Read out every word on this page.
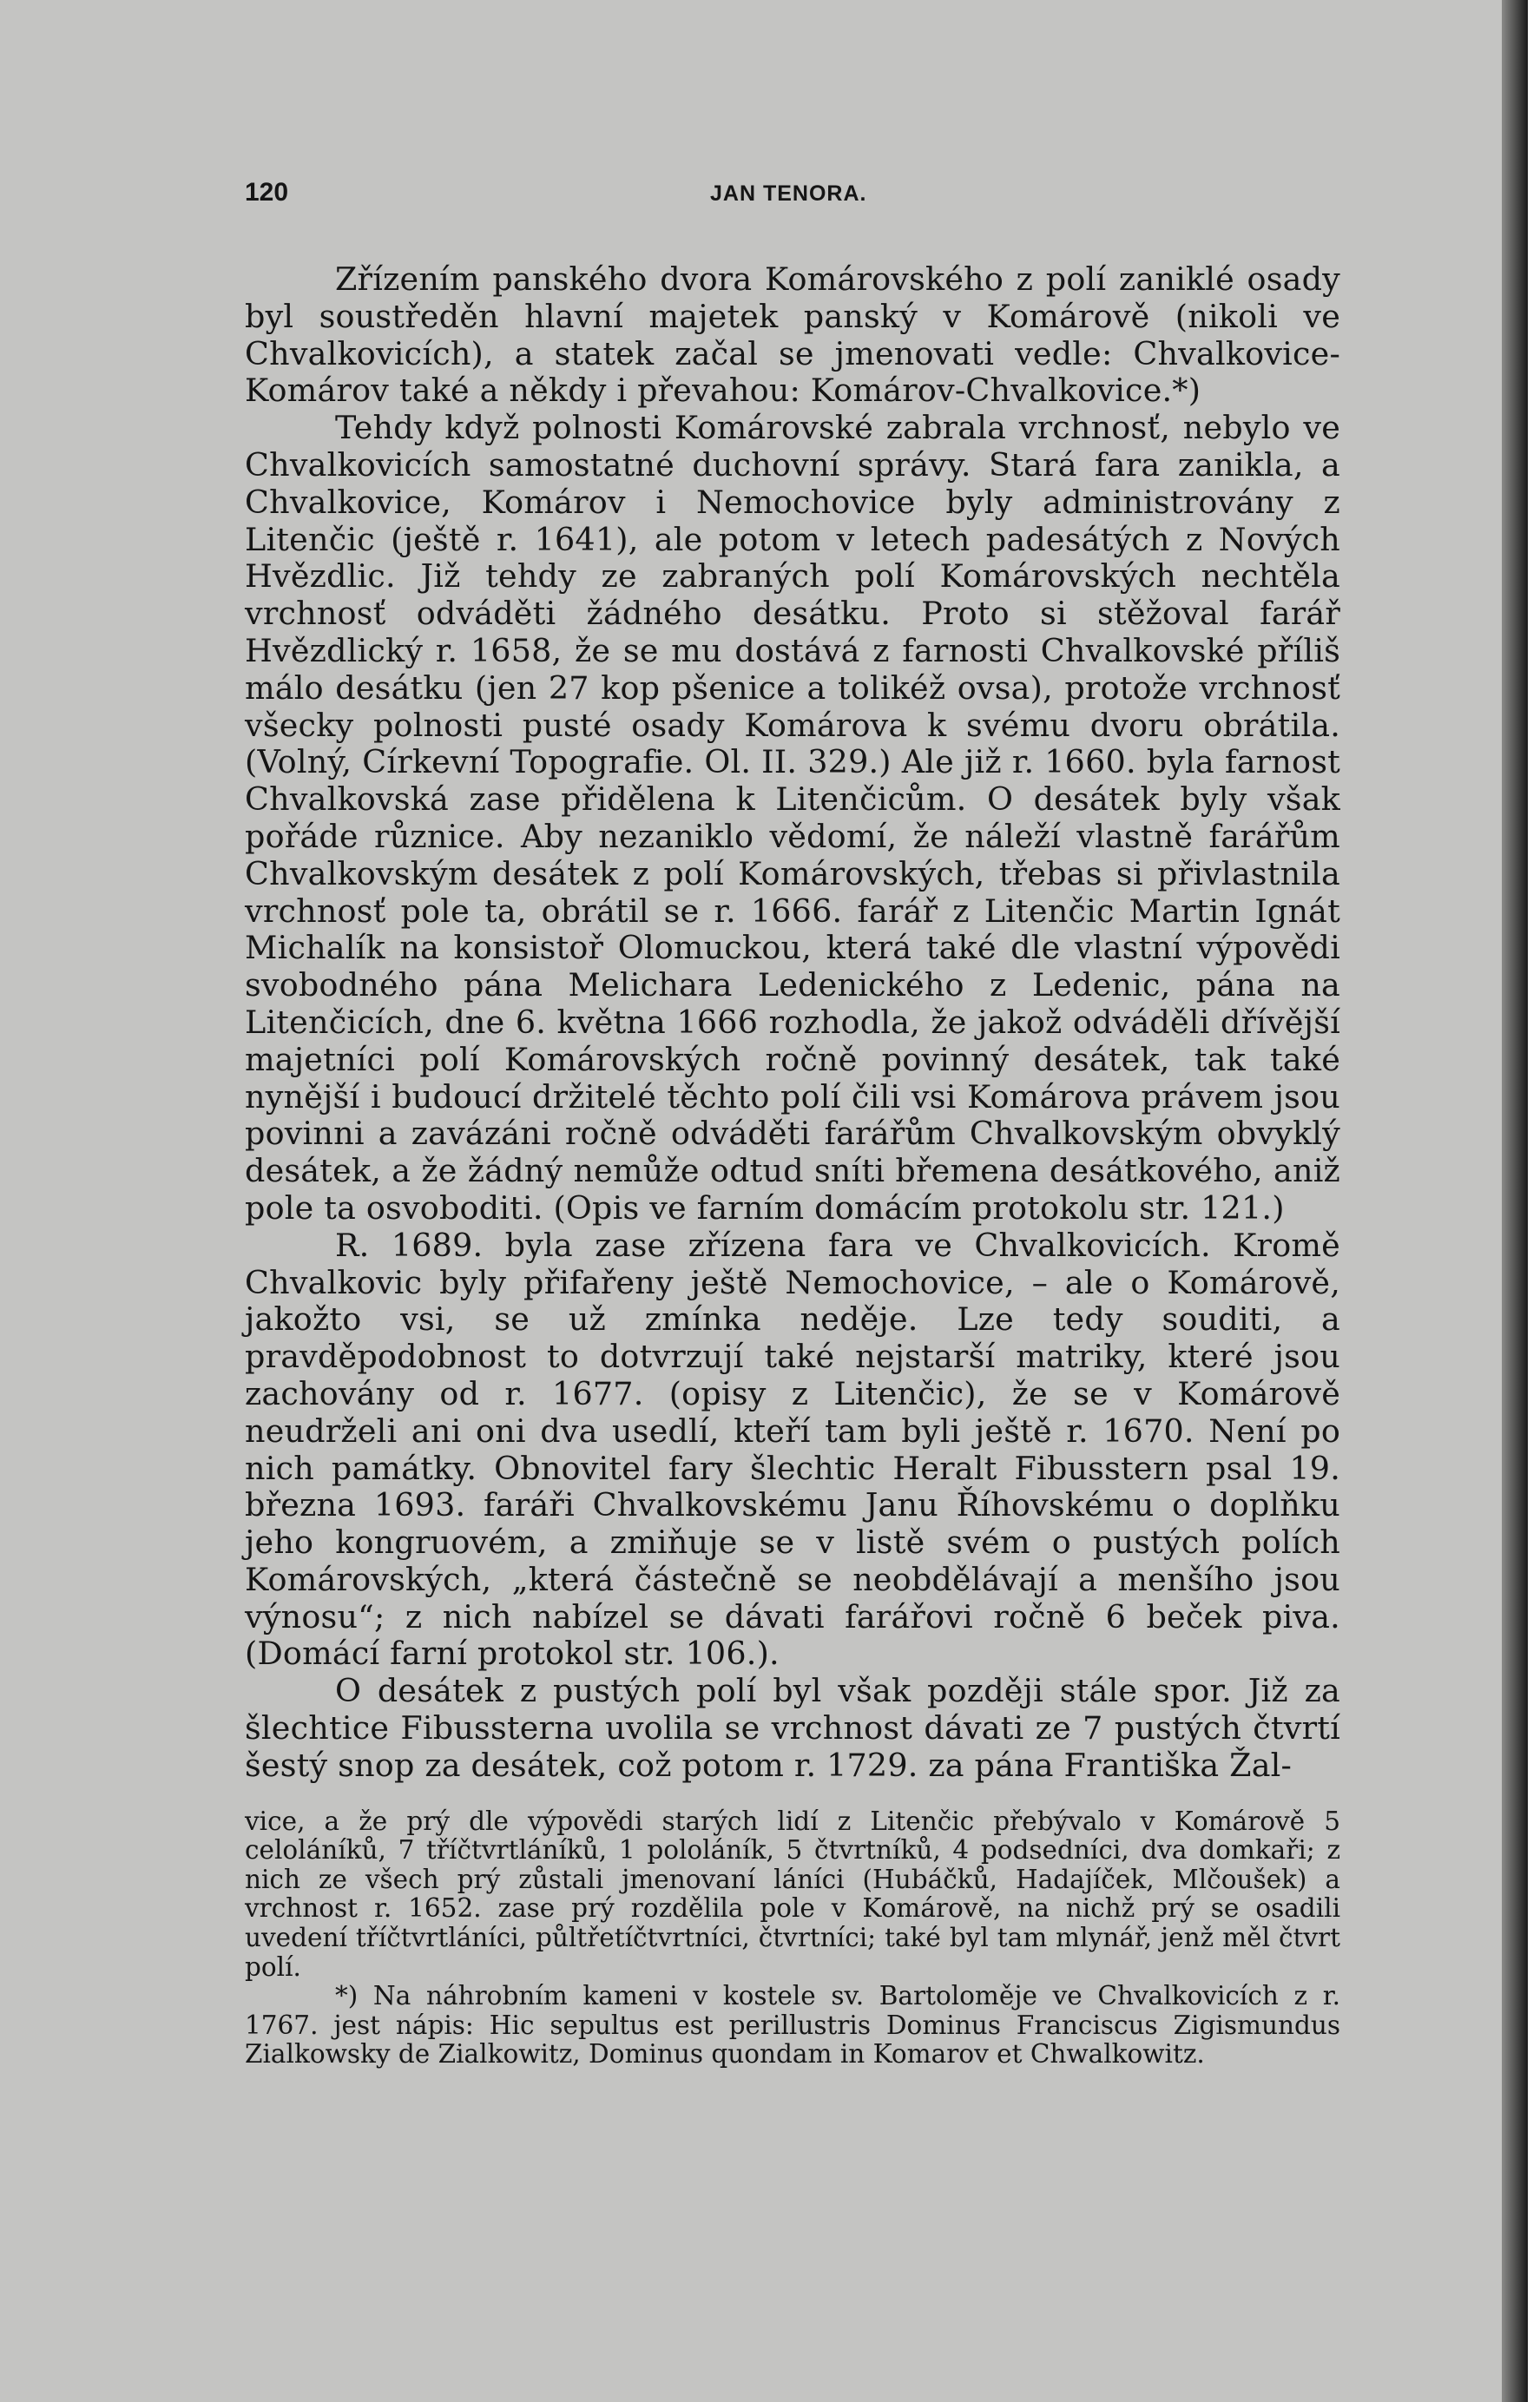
120	JAN TENORA.

Zřízením panského dvora Komárovského z polí zaniklé osady byl soustředěn hlavní majetek panský v Komárově (nikoli ve Chvalkovicích), a statek začal se jmenovati vedle: Chvalkovice-Komárov také a někdy i převahou: Komárov-Chvalkovice.*)

Tehdy když polnosti Komárovské zabrala vrchnosť, nebylo ve Chvalkovicích samostatné duchovní správy. Stará fara zanikla, a Chvalkovice, Komárov i Nemochovice byly administrovány z Litenčic (ještě r. 1641), ale potom v letech padesátých z Nových Hvězdlic. Již tehdy ze zabraných polí Komárovských nechtěla vrchnosť odváděti žádného desátku. Proto si stěžoval farář Hvězdlický r. 1658, že se mu dostává z farnosti Chvalkovské příliš málo desátku (jen 27 kop pšenice a tolikéž ovsa), protože vrchnosť všecky polnosti pusté osady Komárova k svému dvoru obrátila. (Volný, Církevní Topografie. Ol. II. 329.) Ale již r. 1660. byla farnost Chvalkovská zase přidělena k Litenčicům. O desátek byly však pořáde různice. Aby nezaniklo vědomí, že náleží vlastně farářům Chvalkovským desátek z polí Komárovských, třebas si přivlastnila vrchnosť pole ta, obrátil se r. 1666. farář z Litenčic Martin Ignát Michalík na konsistoř Olomuckou, která také dle vlastní výpovědi svobodného pána Melichara Ledenického z Ledenic, pána na Litenčicích, dne 6. května 1666 rozhodla, že jakož odváděli dřívější majetníci polí Komárovských ročně povinný desátek, tak také nynější i budoucí držitelé těchto polí čili vsi Komárova právem jsou povinni a zavázáni ročně odváděti farářům Chvalkovským obvyklý desátek, a že žádný nemůže odtud sníti břemena desátkového, aniž pole ta osvoboditi. (Opis ve farním domácím protokolu str. 121.)

R. 1689. byla zase zřízena fara ve Chvalkovicích. Kromě Chvalkovic byly přifařeny ještě Nemochovice, – ale o Komárově, jakožto vsi, se už zmínka neděje. Lze tedy souditi, a pravděpodobnost to dotvrzují také nejstarší matriky, které jsou zachovány od r. 1677. (opisy z Litenčic), že se v Komárově neudrželi ani oni dva usedlí, kteří tam byli ještě r. 1670. Není po nich památky. Obnovitel fary šlechtic Heralt Fibusstern psal 19. března 1693. faráři Chvalkovskému Janu Říhovskému o doplňku jeho kongruovém, a zmiňuje se v listě svém o pustých polích Komárovských, „která částečně se neobdělávají a menšího jsou výnosu“; z nich nabízel se dávati farářovi ročně 6 beček piva. (Domácí farní protokol str. 106.).

O desátek z pustých polí byl však později stále spor. Již za šlechtice Fibussterna uvolila se vrchnost dávati ze 7 pustých čtvrtí šestý snop za desátek, což potom r. 1729. za pána Františka Žal-

vice, a že prý dle výpovědi starých lidí z Litenčic přebývalo v Komárově 5 celoláníků, 7 tříčtvrtláníků, 1 pololáník, 5 čtvrtníků, 4 podsedníci, dva domkaři; z nich ze všech prý zůstali jmenovaní láníci (Hubáčků, Hadajíček, Mlčoušek) a vrchnost r. 1652. zase prý rozdělila pole v Komárově, na nichž prý se osadili uvedení tříčtvrtláníci, půltřetíčtvrtníci, čtvrtníci; také byl tam mlynář, jenž měl čtvrt polí.

*) Na náhrobním kameni v kostele sv. Bartoloměje ve Chvalkovicích z r. 1767. jest nápis: Hic sepultus est perillustris Dominus Franciscus Zigismundus Zialkowsky de Zialkowitz, Dominus quondam in Komarov et Chwalkowitz.
